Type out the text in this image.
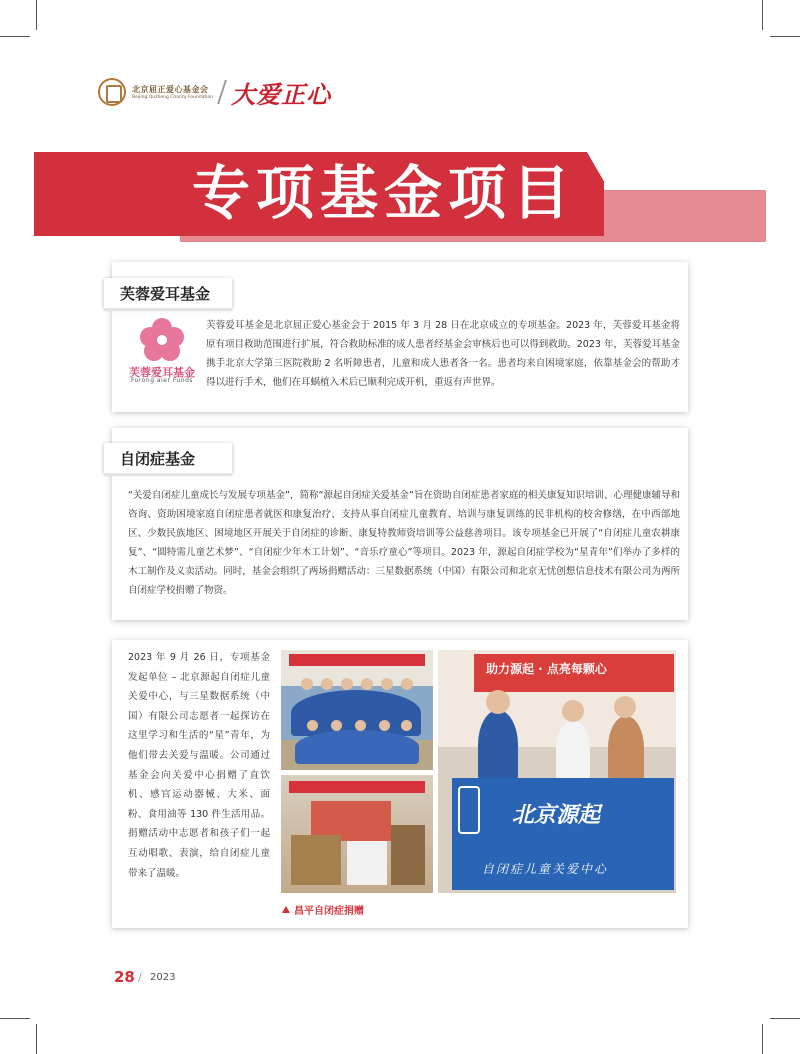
北京屈正爱心基金会
Beijing Quzheng Charity Foundation 大爱正心
专项基金项目
芙蓉爱耳基金
芙蓉爱耳基金
Furong aier Funds

芙蓉爱耳基金是北京屈正爱心基金会于 2015 年 3 月 28 日在北京成立的专项基金。2023 年，芙蓉爱耳基金将原有项目救助范围进行扩展，符合救助标准的成人患者经基金会审核后也可以得到救助。2023 年，芙蓉爱耳基金携手北京大学第三医院救助 2 名听障患者，儿童和成人患者各一名。患者均来自困境家庭，依靠基金会的帮助才得以进行手术，他们在耳蜗植入术后已顺利完成开机，重返有声世界。

自闭症基金

“关爱自闭症儿童成长与发展专项基金”，简称“源起自闭症关爱基金”旨在资助自闭症患者家庭的相关康复知识培训、心理健康辅导和咨询、资助困境家庭自闭症患者就医和康复治疗、支持从事自闭症儿童教育、培训与康复训练的民非机构的校舍修缮，在中西部地区、少数民族地区、困境地区开展关于自闭症的诊断、康复特教师资培训等公益慈善项目。该专项基金已开展了“自闭症儿童农耕康复”、“圆特需儿童艺术梦”、“自闭症少年木工计划”、“音乐疗童心”等项目。2023 年，源起自闭症学校为“星青年”们举办了多样的木工制作及义卖活动。同时，基金会组织了两场捐赠活动：三星数据系统（中国）有限公司和北京无忧创想信息技术有限公司为两所自闭症学校捐赠了物资。

2023 年 9 月 26 日，专项基金发起单位 – 北京源起自闭症儿童关爱中心，与三星数据系统（中国）有限公司志愿者一起探访在这里学习和生活的“星”青年，为他们带去关爱与温暖。公司通过基金会向关爱中心捐赠了直饮机、感官运动器械、大米、面粉、食用油等 130 件生活用品。捐赠活动中志愿者和孩子们一起互动唱歌、表演，给自闭症儿童带来了温暖。

助力源起 · 点亮每颗心
北京源起
自闭症儿童关爱中心
昌平自闭症捐赠
28 / 2023
